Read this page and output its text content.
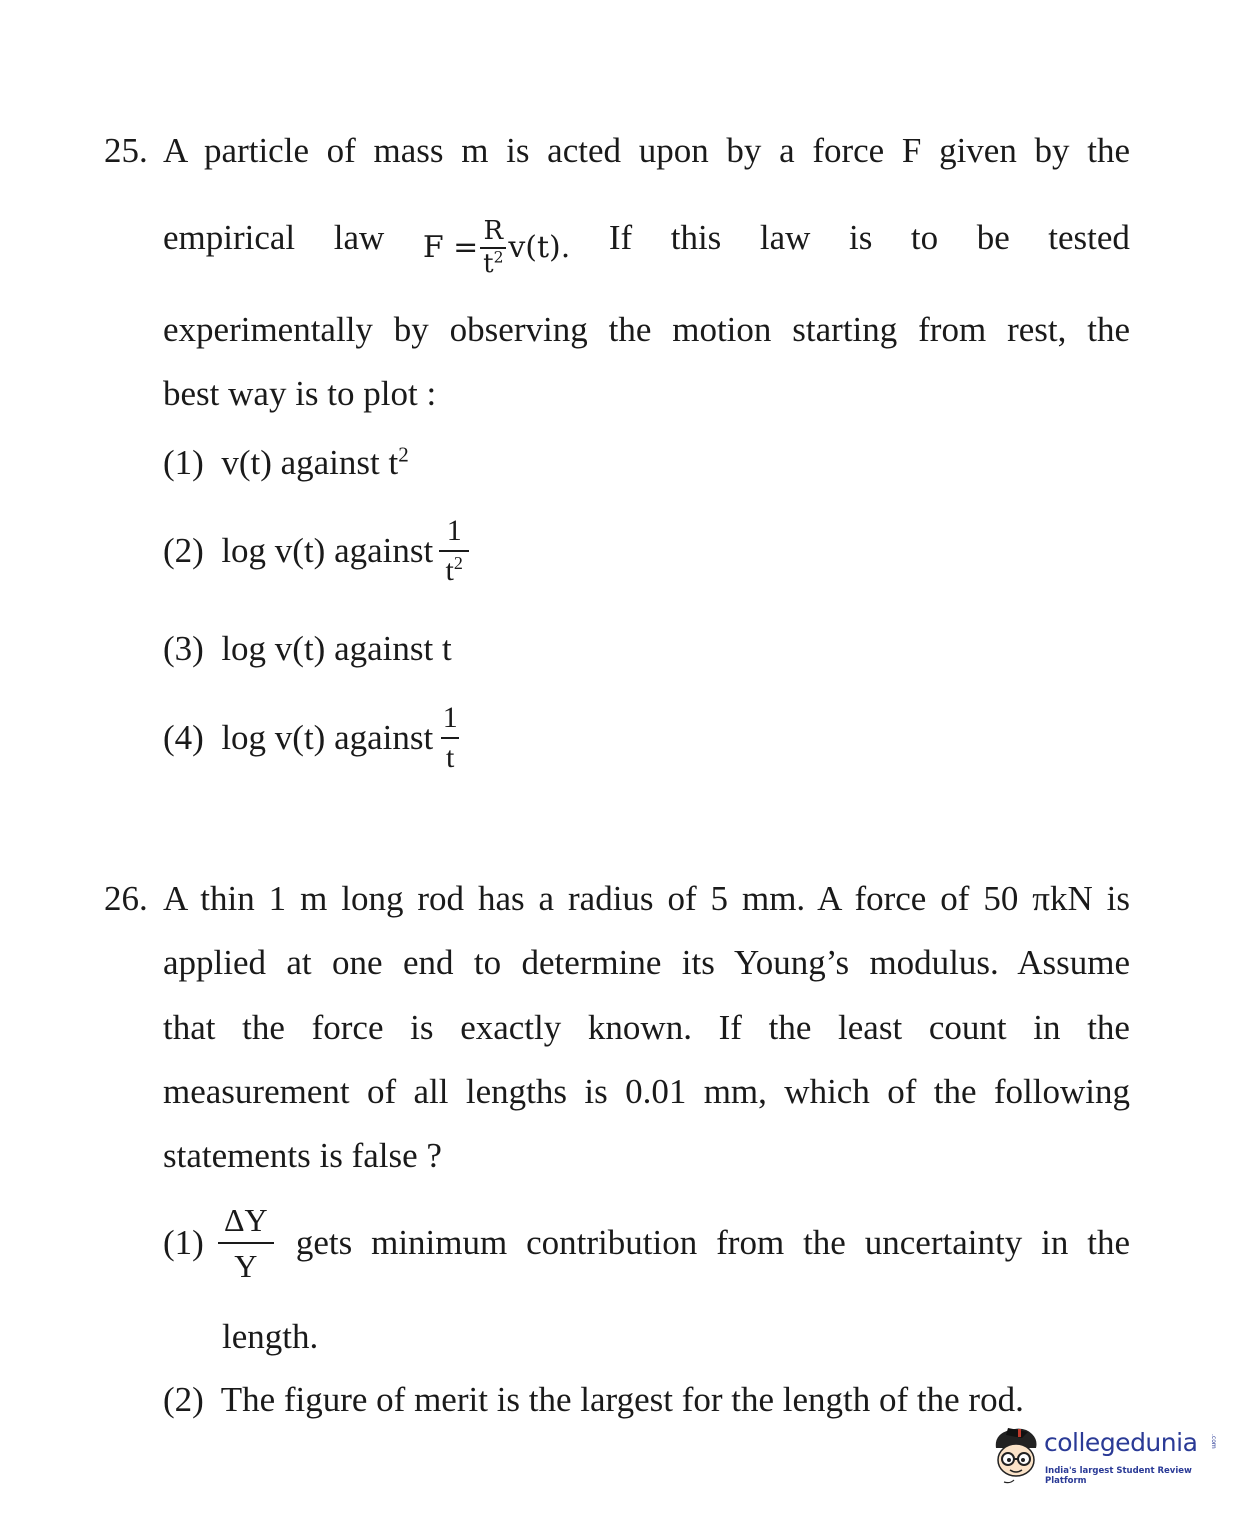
25. A particle of mass m is acted upon by a force F given by the
empirical law $F = \frac{R}{t^2} v(t)$. If this law is to be tested
experimentally by observing the motion starting from rest, the
best way is to plot :
(1) v(t) against $t^2$
(2)
log v(t) against $\frac{1}{t^2}$
(3) log v(t) against t
(4)
log v(t) against $\frac{1}{t}$
26. A thin 1 m long rod has a radius of 5 mm. A force of 50 πkN is
applied at one end to determine its Young’s modulus. Assume
that the force is exactly known. If the least count in the
measurement of all lengths is 0.01 mm, which of the following
statements is false ?
$(1) \frac{\Delta Y}{Y}$ gets minimum contribution from the uncertainty in the
length.
(2) The figure of merit is the largest for the length of the rod.
collegedunia .com
India's largest Student Review Platform
